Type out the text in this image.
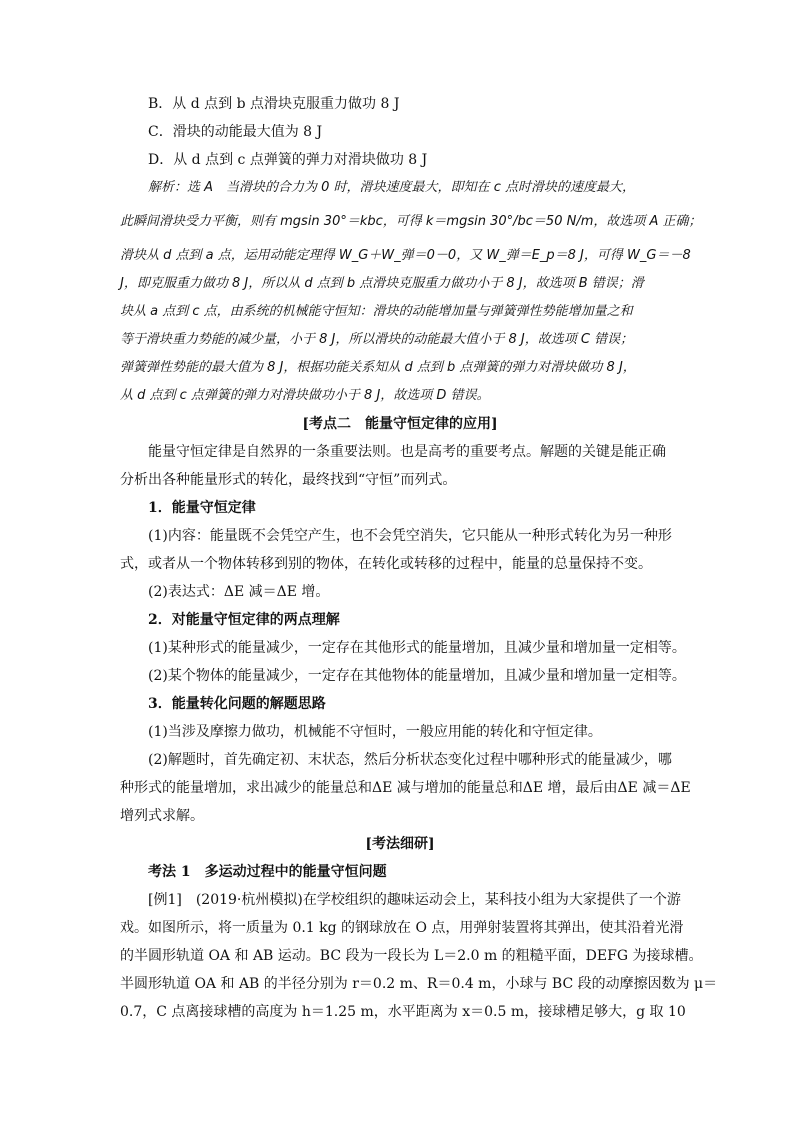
B．从 d 点到 b 点滑块克服重力做功 8 J
C．滑块的动能最大值为 8 J
D．从 d 点到 c 点弹簧的弹力对滑块做功 8 J
解析：选 A　当滑块的合力为 0 时，滑块速度最大，即知在 c 点时滑块的速度最大，
此瞬间滑块受力平衡，则有 mgsin 30°＝kbc，可得 k＝mgsin 30°/bc＝50 N/m，故选项 A 正确；
滑块从 d 点到 a 点，运用动能定理得 W_G＋W_弹＝0－0，又 W_弹＝E_p＝8 J，可得 W_G＝－8
J，即克服重力做功 8 J，所以从 d 点到 b 点滑块克服重力做功小于 8 J，故选项 B 错误；滑
块从 a 点到 c 点，由系统的机械能守恒知：滑块的动能增加量与弹簧弹性势能增加量之和
等于滑块重力势能的减少量，小于 8 J，所以滑块的动能最大值小于 8 J，故选项 C 错误；
弹簧弹性势能的最大值为 8 J，根据功能关系知从 d 点到 b 点弹簧的弹力对滑块做功 8 J，
从 d 点到 c 点弹簧的弹力对滑块做功小于 8 J，故选项 D 错误。
[考点二　能量守恒定律的应用]
能量守恒定律是自然界的一条重要法则。也是高考的重要考点。解题的关键是能正确
分析出各种能量形式的转化，最终找到“守恒”而列式。
1．能量守恒定律
(1)内容：能量既不会凭空产生，也不会凭空消失，它只能从一种形式转化为另一种形
式，或者从一个物体转移到别的物体，在转化或转移的过程中，能量的总量保持不变。
(2)表达式：ΔE 减＝ΔE 增。
2．对能量守恒定律的两点理解
(1)某种形式的能量减少，一定存在其他形式的能量增加，且减少量和增加量一定相等。
(2)某个物体的能量减少，一定存在其他物体的能量增加，且减少量和增加量一定相等。
3．能量转化问题的解题思路
(1)当涉及摩擦力做功，机械能不守恒时，一般应用能的转化和守恒定律。
(2)解题时，首先确定初、末状态，然后分析状态变化过程中哪种形式的能量减少，哪
种形式的能量增加，求出减少的能量总和ΔE 减与增加的能量总和ΔE 增，最后由ΔE 减＝ΔE
增列式求解。
[考法细研]
考法 1　多运动过程中的能量守恒问题
[例1]　(2019·杭州模拟)在学校组织的趣味运动会上，某科技小组为大家提供了一个游
戏。如图所示，将一质量为 0.1 kg 的钢球放在 O 点，用弹射装置将其弹出，使其沿着光滑
的半圆形轨道 OA 和 AB 运动。BC 段为一段长为 L＝2.0 m 的粗糙平面，DEFG 为接球槽。
半圆形轨道 OA 和 AB 的半径分别为 r＝0.2 m、R＝0.4 m，小球与 BC 段的动摩擦因数为 μ＝
0.7，C 点离接球槽的高度为 h＝1.25 m，水平距离为 x＝0.5 m，接球槽足够大，g 取 10
